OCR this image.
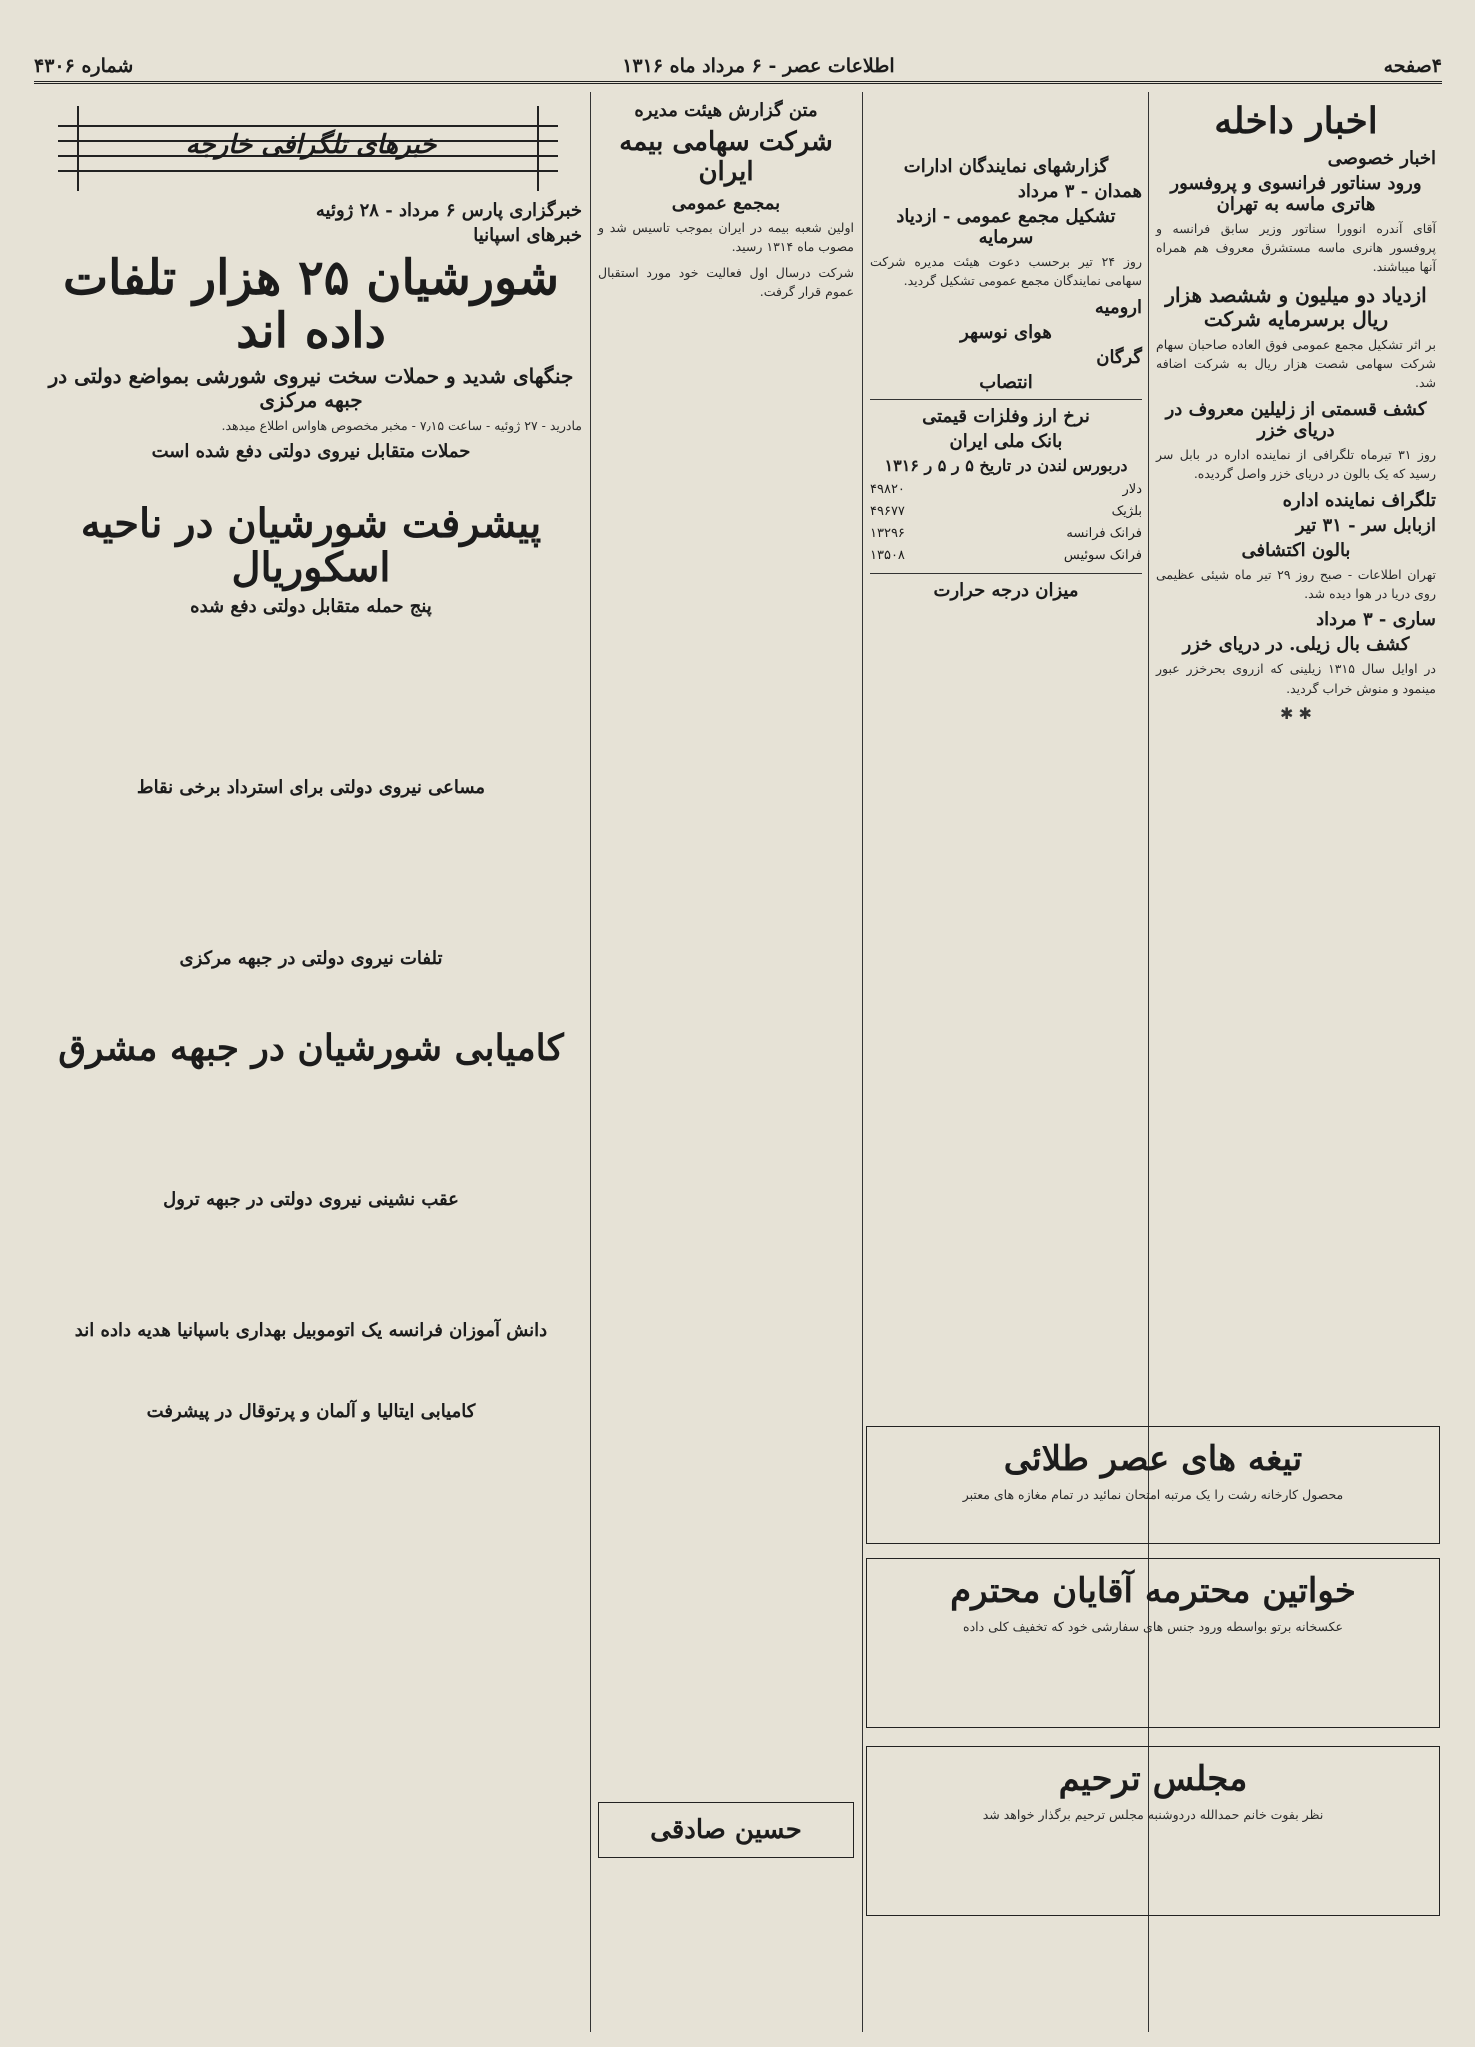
۴صفحه
اطلاعات عصر - ۶ مرداد ماه ۱۳۱۶
شماره ۴۳۰۶
اخبار داخله
اخبار خصوصی
ورود سناتور فرانسوی و پروفسور هاتری ماسه به تهران
آقای آندره انوورا سناتور وزیر سابق فرانسه و پروفسور هانری ماسه مستشرق معروف هم همراه آنها میباشند.
ازدیاد دو میلیون و ششصد هزار ریال برسرمایه شرکت
بر اثر تشکیل مجمع عمومی فوق العاده صاحبان سهام شرکت سهامی شصت هزار ریال به شرکت اضافه شد.
کشف قسمتی از زلیلین معروف در دریای خزر
روز ۳۱ تیرماه تلگرافی از نماینده اداره در بابل سر رسید که یک بالون در دریای خزر واصل گردیده.
تلگراف نماینده اداره
ازبابل سر - ۳۱ تیر
بالون اکتشافی
تهران اطلاعات - صبح روز ۲۹ تیر ماه شیئی عظیمی روی دریا در هوا دیده شد.
ساری - ۳ مرداد
کشف بال زیلی. در دریای خزر
در اوایل سال ۱۳۱۵ زیلینی که ازروی بحرخزر عبور مینمود و منوش خراب گردید.
✱ ✱
گزارشهای نمایندگان ادارات
همدان - ۳ مرداد
تشکیل مجمع عمومی - ازدیاد سرمایه
روز ۲۴ تیر برحسب دعوت هیئت مدیره شرکت سهامی نمایندگان مجمع عمومی تشکیل گردید.
ارومیه
هوای نوسهر
گرگان
انتصاب
نرخ ارز وفلزات قیمتی
بانک ملی ایران
دربورس لندن در تاریخ ۵ ر ۵ ر ۱۳۱۶
دلار
۴۹۸۲۰
بلژیک
۴۹۶۷۷
فرانک فرانسه
۱۳۲۹۶
فرانک سوئیس
۱۳۵۰۸
میزان درجه حرارت
متن گزارش هیئت مدیره
شرکت سهامی بیمه ایران
بمجمع عمومی
اولین شعبه بیمه در ایران بموجب تاسیس شد و مصوب ماه ۱۳۱۴ رسید.
شرکت درسال اول فعالیت خود مورد استقبال عموم قرار گرفت.
حسین صادقی
خبرهای تلگرافی خارجه
خبرگزاری پارس ۶ مرداد - ۲۸ ژوئیه
خبرهای اسپانیا
شورشیان ۲۵ هزار تلفات داده اند
جنگهای شدید و حملات سخت نیروی شورشی بمواضع دولتی در جبهه مرکزی
مادرید - ۲۷ ژوئیه - ساعت ۷٫۱۵ - مخبر مخصوص هاواس اطلاع میدهد.
حملات متقابل نیروی دولتی دفع شده است
پیشرفت شورشیان در ناحیه اسکوریال
پنج حمله متقابل دولتی دفع شده
مساعی نیروی دولتی برای استرداد برخی نقاط
تلفات نیروی دولتی در جبهه مرکزی
کامیابی شورشیان در جبهه مشرق
عقب نشینی نیروی دولتی در جبهه ترول
دانش آموزان فرانسه یک اتوموبیل بهداری باسپانیا هدیه داده اند
کامیابی ایتالیا و آلمان و پرتوقال در پیشرفت
تیغه های عصر طلائی
محصول کارخانه رشت را یک مرتبه امتحان نمائید در تمام مغازه های معتبر
خواتین محترمه آقایان محترم
عکسخانه برتو بواسطه ورود جنس های سفارشی خود که تخفیف کلی داده
مجلس ترحیم
نظر بفوت خانم حمدالله دردوشنبه مجلس ترحیم برگذار خواهد شد
